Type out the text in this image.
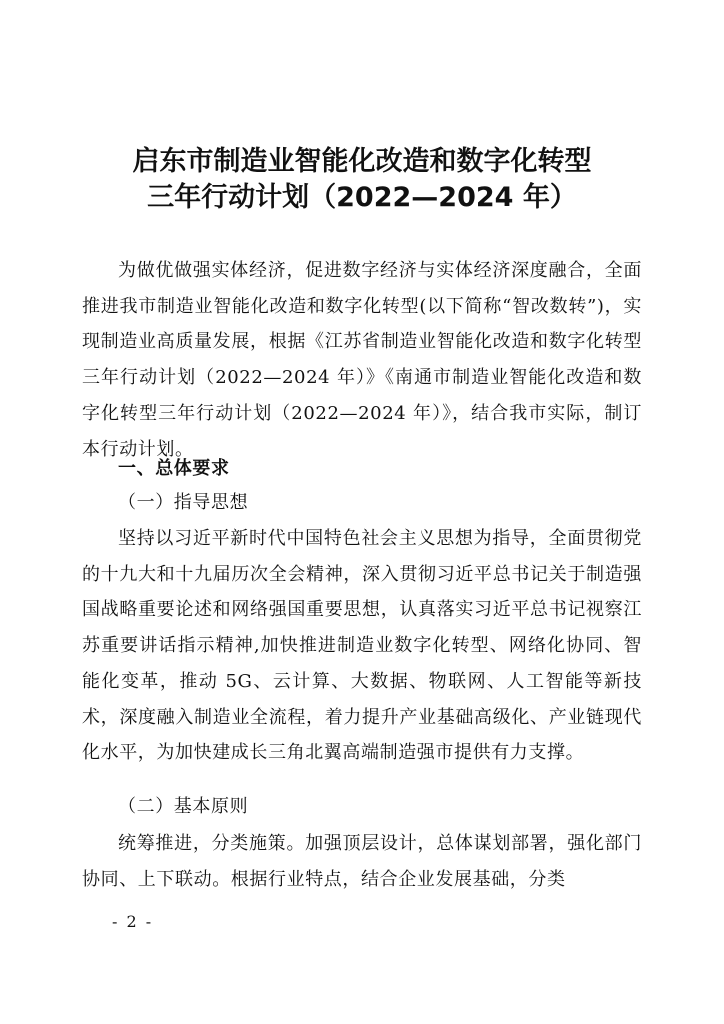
启东市制造业智能化改造和数字化转型
三年行动计划（2022—2024 年）

为做优做强实体经济，促进数字经济与实体经济深度融合，全面推进我市制造业智能化改造和数字化转型(以下简称“智改数转”)，实现制造业高质量发展，根据《江苏省制造业智能化改造和数字化转型三年行动计划（2022—2024 年）》《南通市制造业智能化改造和数字化转型三年行动计划（2022—2024 年）》，结合我市实际，制订本行动计划。

一、总体要求

（一）指导思想

坚持以习近平新时代中国特色社会主义思想为指导，全面贯彻党的十九大和十九届历次全会精神，深入贯彻习近平总书记关于制造强国战略重要论述和网络强国重要思想，认真落实习近平总书记视察江苏重要讲话指示精神,加快推进制造业数字化转型、网络化协同、智能化变革，推动 5G、云计算、大数据、物联网、人工智能等新技术，深度融入制造业全流程，着力提升产业基础高级化、产业链现代化水平，为加快建成长三角北翼高端制造强市提供有力支撑。

（二）基本原则

统筹推进，分类施策。加强顶层设计，总体谋划部署，强化部门协同、上下联动。根据行业特点，结合企业发展基础，分类

- 2 -
